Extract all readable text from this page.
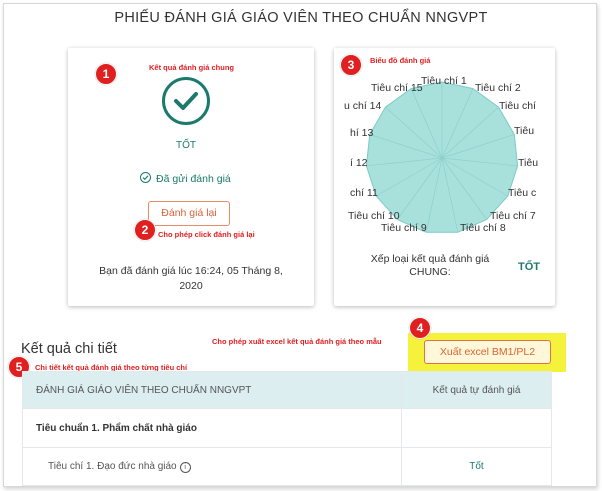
PHIẾU ĐÁNH GIÁ GIÁO VIÊN THEO CHUẨN NNGVPT
1	Kết quả đánh giá chung
TỐT
Đã gửi đánh giá
Đánh giá lại
2	Cho phép click đánh giá lại
Bạn đã đánh giá lúc 16:24, 05 Tháng 8,
2020
3	Biểu đồ đánh giá
Tiêu chí 1
Tiêu chí 2
Tiêu chí
Tiêu
Tiêu
Tiêu c
Tiêu chí 7
Tiêu chí 8
Tiêu chí 9
Tiêu chí 10
chí 11
í 12
hí 13
u chí 14
Tiêu chí 15
Xếp loại kết quả đánh giá CHUNG:	TỐT
Cho phép xuất excel kết quả đánh giá theo mẫu
4
Xuất excel BM1/PL2
Kết quả chi tiết
5	Chi tiết kết quả đánh giá theo từng tiêu chí
ĐÁNH GIÁ GIÁO VIÊN THEO CHUẨN NNGVPT	Kết quả tự đánh giá
Tiêu chuẩn 1. Phẩm chất nhà giáo	
Tiêu chí 1. Đạo đức nhà giáo i	Tốt
